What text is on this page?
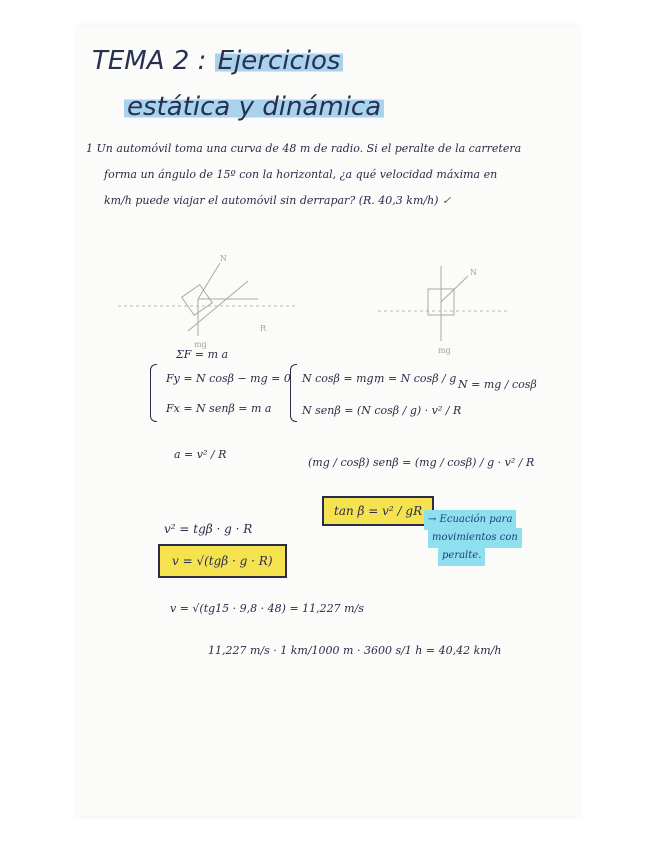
TEMA 2 : Ejercicios
estática y dinámica
1 Un automóvil toma una curva de 48 m de radio. Si el peralte de la carretera
forma un ángulo de 15º con la horizontal, ¿a qué velocidad máxima en
km/h puede viajar el automóvil sin derrapar? (R. 40,3 km/h) ✓
N
mg
R
N
mg
ΣF = m a
Fy = N cosβ − mg = 0
Fx = N senβ = m a
N cosβ = mg ;
m = N cosβ / g N = mg / cosβ
N senβ = (N cosβ / g) · v² / R
a = v² / R
(mg / cosβ) senβ = (mg / cosβ) / g · v² / R
tan β = v² / gR
→ Ecuación para
movimientos con
peralte.
v² = tgβ · g · R
v = √(tgβ · g · R)
v = √(tg15 · 9,8 · 48) = 11,227 m/s
11,227 m/s · 1 km/1000 m · 3600 s/1 h = 40,42 km/h
